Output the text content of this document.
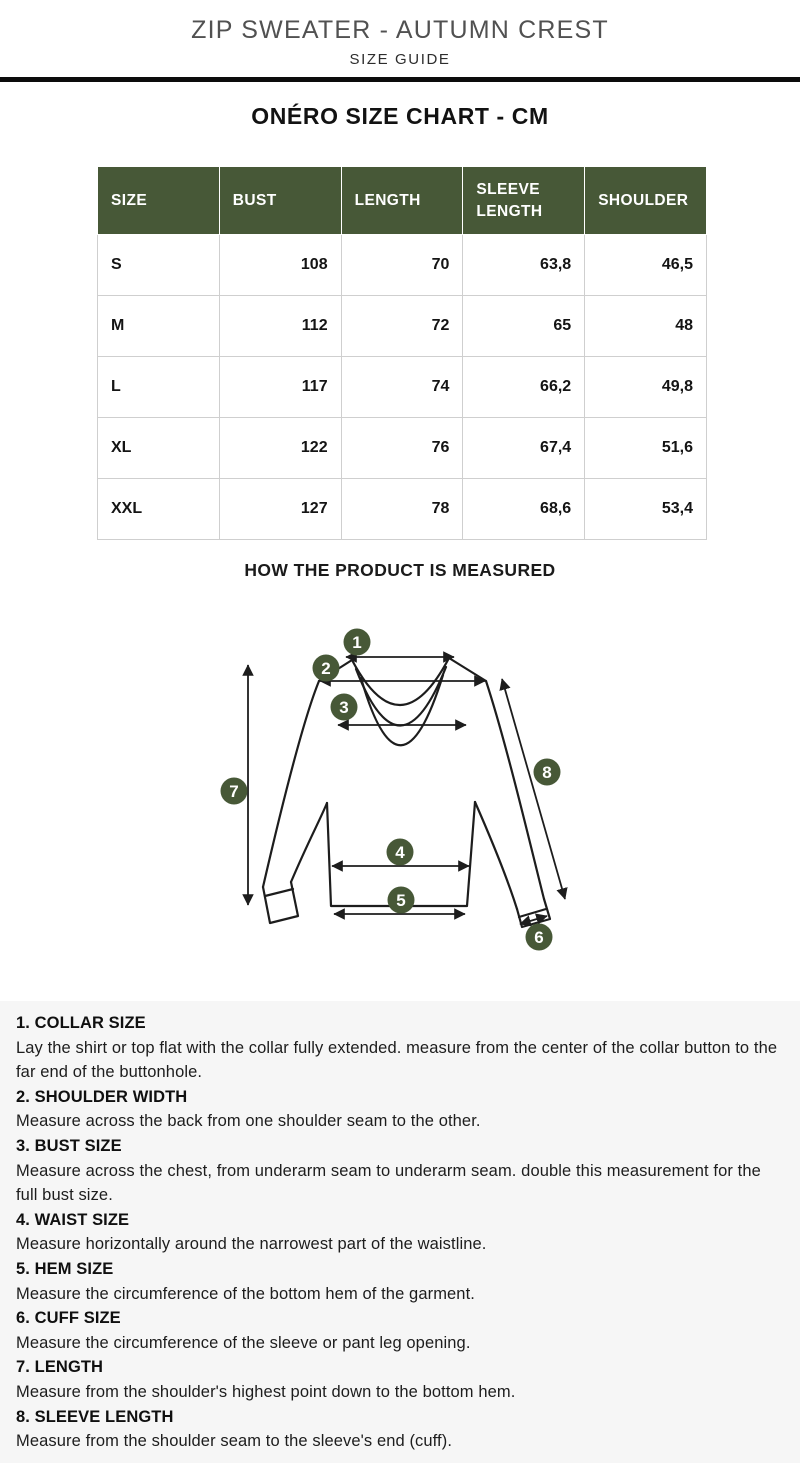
ZIP SWEATER - AUTUMN CREST
SIZE GUIDE
ONÉRO SIZE CHART - CM
SIZE	BUST	LENGTH	SLEEVE LENGTH	SHOULDER
S	108	70	63,8	46,5
M	112	72	65	48
L	117	74	66,2	49,8
XL	122	76	67,4	51,6
XXL	127	78	68,6	53,4
HOW THE PRODUCT IS MEASURED
1
2
3
4
5
6
7
8
1. COLLAR SIZE
Lay the shirt or top flat with the collar fully extended. measure from the center of the collar button to the far end of the buttonhole.
2. SHOULDER WIDTH
Measure across the back from one shoulder seam to the other.
3. BUST SIZE
Measure across the chest, from underarm seam to underarm seam. double this measurement for the full bust size.
4. WAIST SIZE
Measure horizontally around the narrowest part of the waistline.
5. HEM SIZE
Measure the circumference of the bottom hem of the garment.
6. CUFF SIZE
Measure the circumference of the sleeve or pant leg opening.
7. LENGTH
Measure from the shoulder's highest point down to the bottom hem.
8. SLEEVE LENGTH
Measure from the shoulder seam to the sleeve's end (cuff).
